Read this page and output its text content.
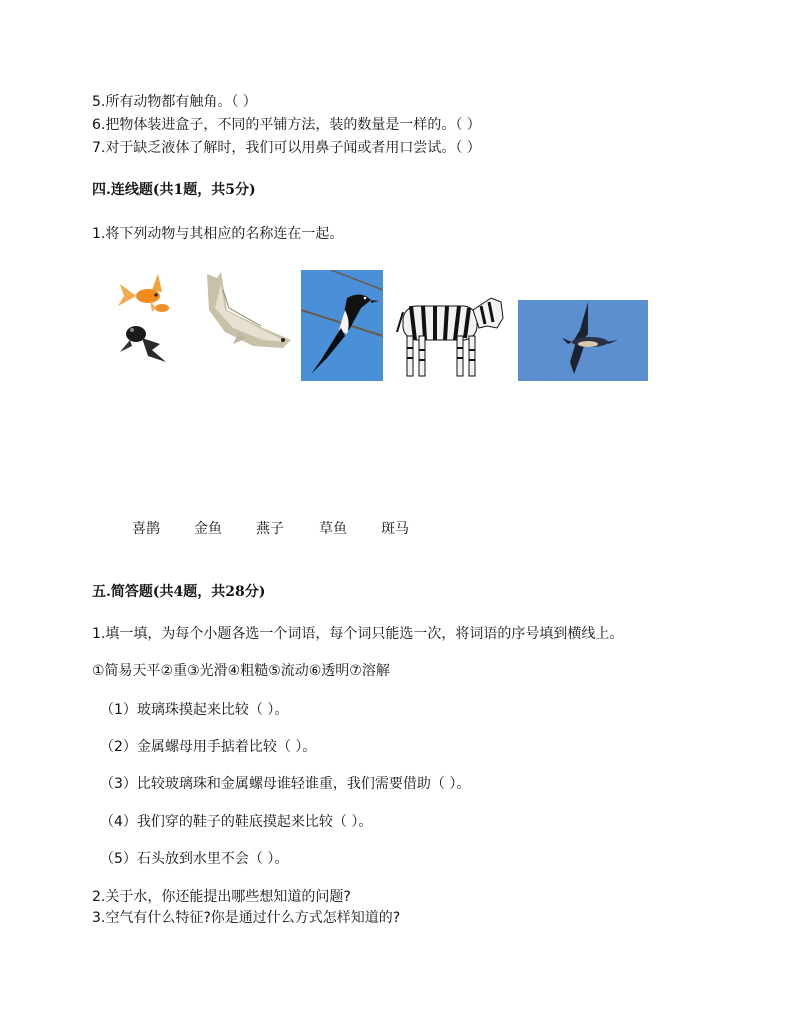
5.所有动物都有触角。（ ）
6.把物体装进盒子，不同的平铺方法，装的数量是一样的。（ ）
7.对于缺乏液体了解时，我们可以用鼻子闻或者用口尝试。（ ）
四.连线题(共1题，共5分)
1.将下列动物与其相应的名称连在一起。
喜鹊 金鱼 燕子	草鱼 斑马
五.简答题(共4题，共28分)
1.填一填，为每个小题各选一个词语，每个词只能选一次，将词语的序号填到横线上。
①简易天平②重③光滑④粗糙⑤流动⑥透明⑦溶解
（1）玻璃珠摸起来比较（ ）。
（2）金属螺母用手掂着比较（ ）。
（3）比较玻璃珠和金属螺母谁轻谁重，我们需要借助（ ）。
（4）我们穿的鞋子的鞋底摸起来比较（ ）。
（5）石头放到水里不会（ ）。
2.关于水，你还能提出哪些想知道的问题?
3.空气有什么特征?你是通过什么方式怎样知道的?
